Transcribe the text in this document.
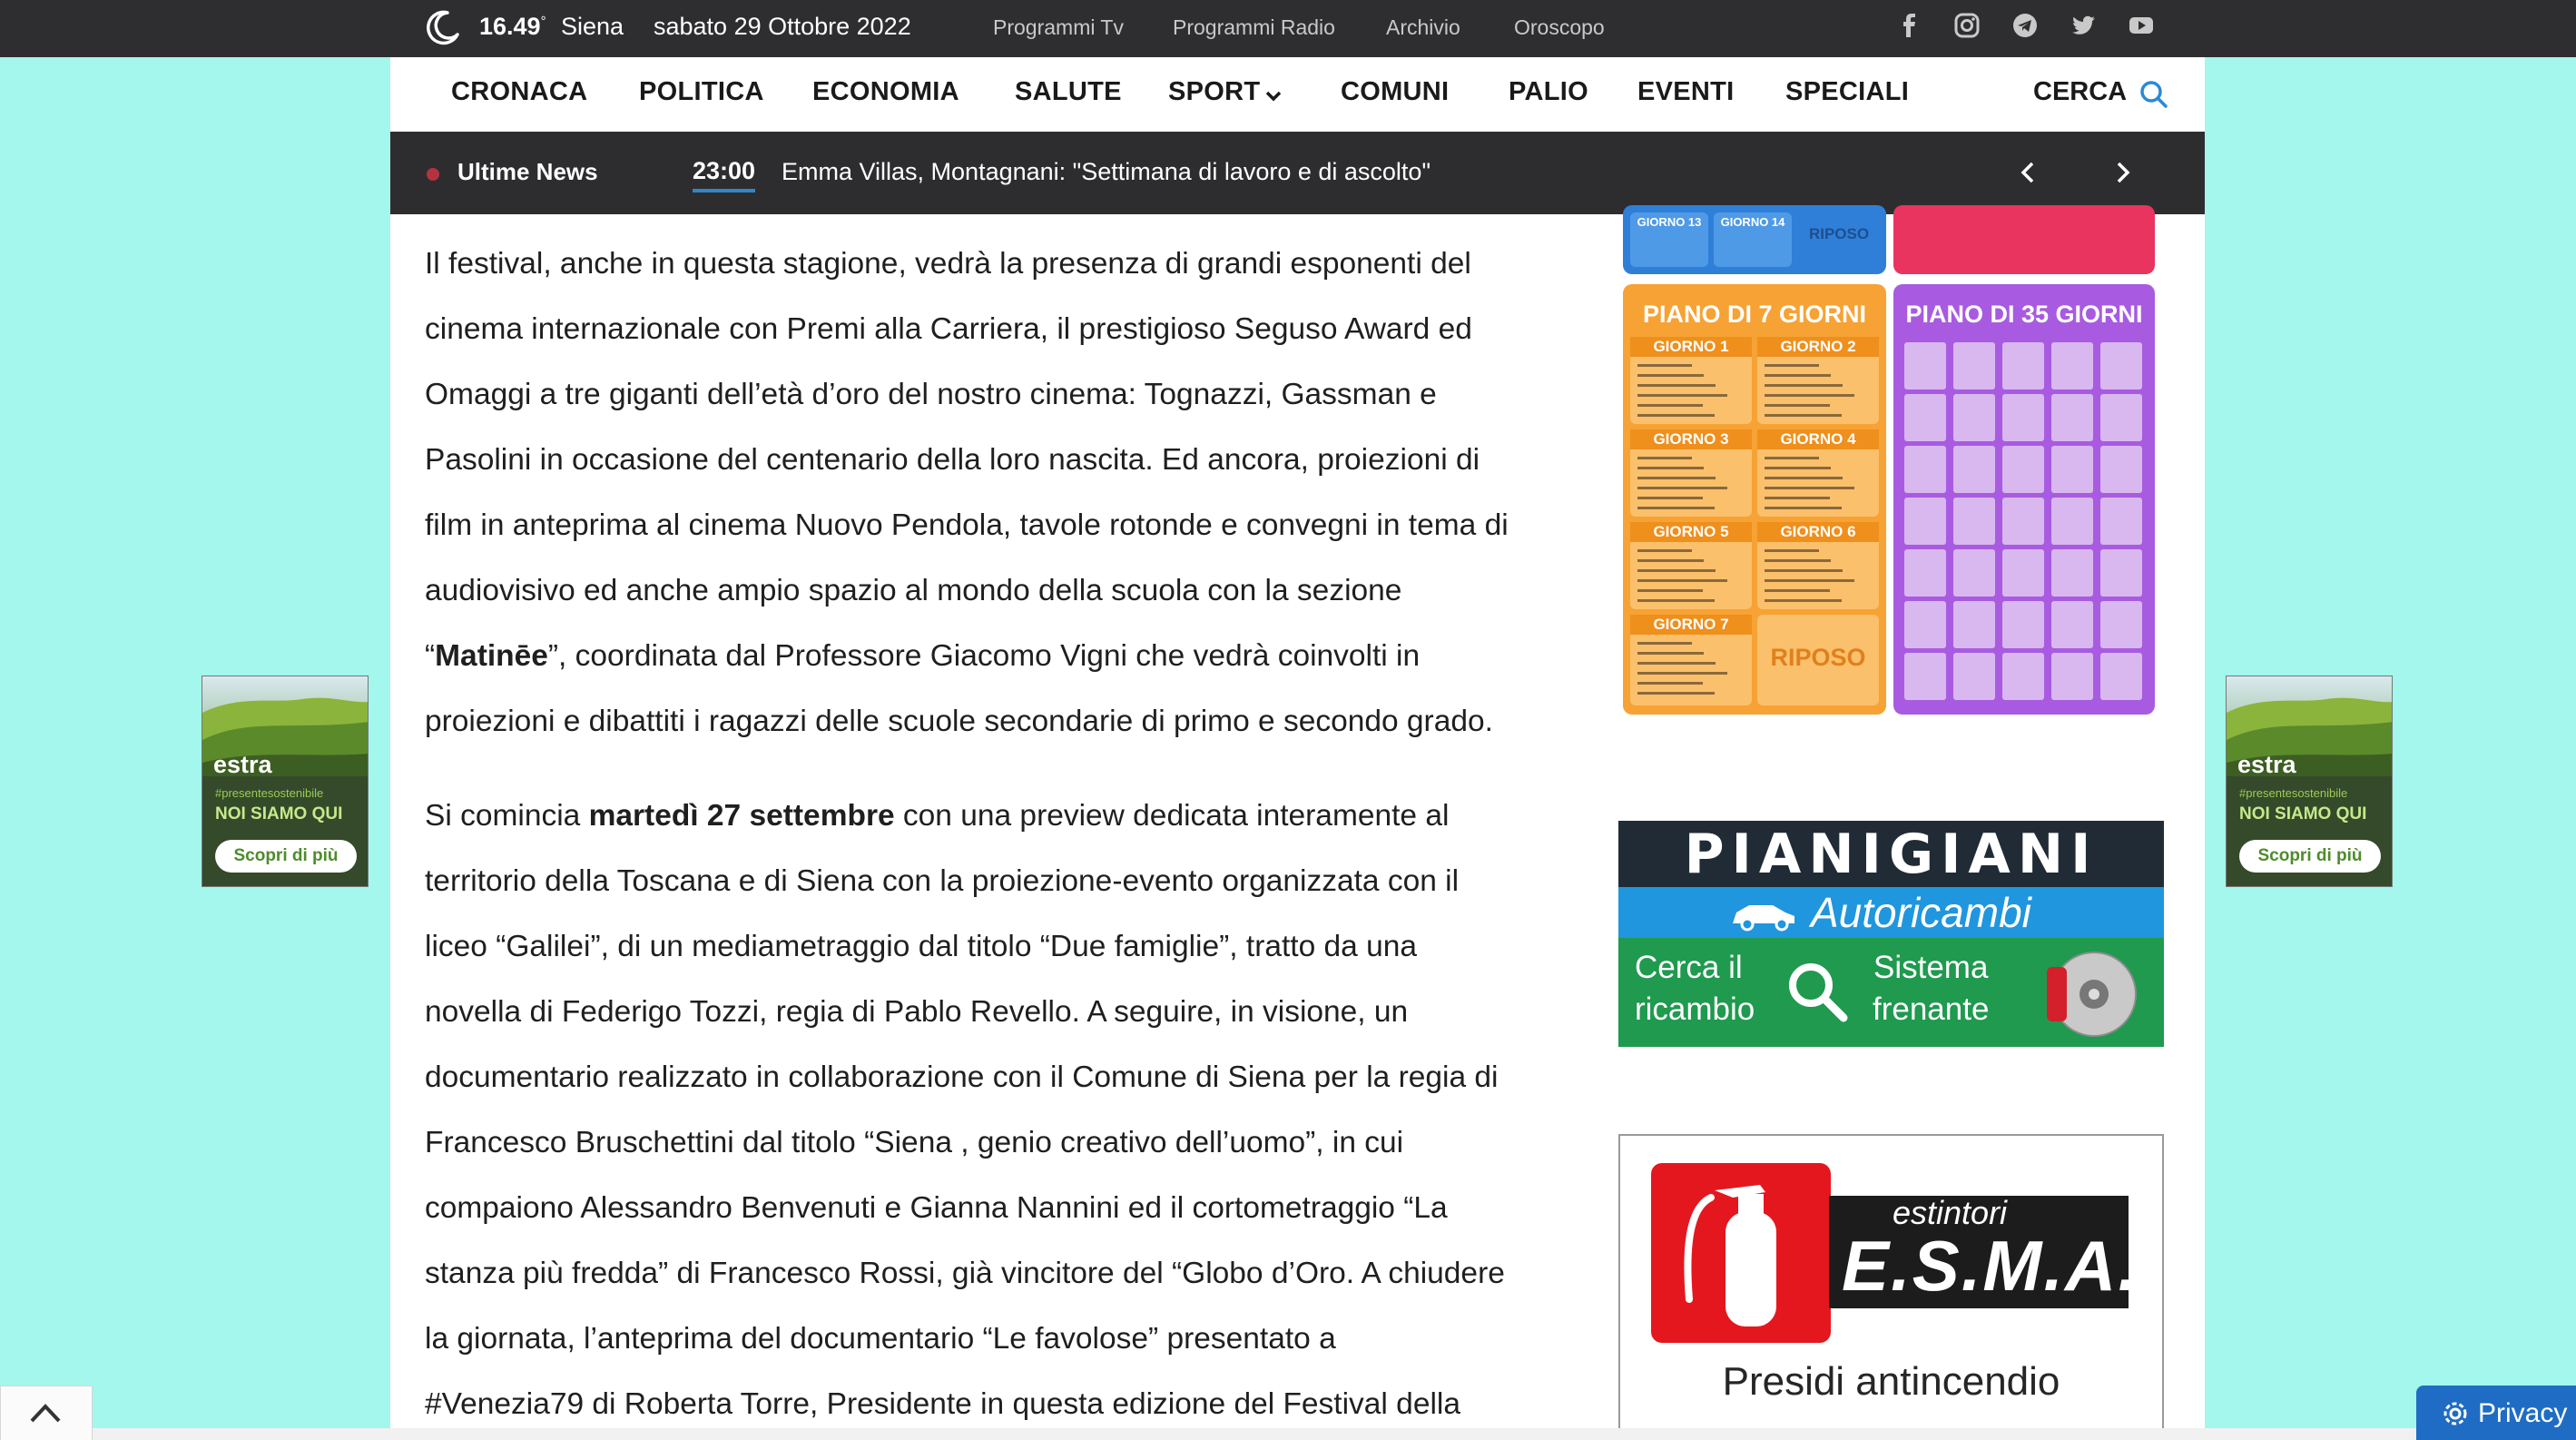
16.49° Siena sabato 29 Ottobre 2022	Programmi Tv Programmi Radio Archivio	Oroscopo
estra
#presentesostenibile
NOI SIAMO QUI
Scopri di più
estra
#presentesostenibile
NOI SIAMO QUI
Scopri di più
CRONACA POLITICA ECONOMIA SALUTE SPORT	COMUNI PALIO EVENTI SPECIALI	CERCA
Ultime News	23:00 Emma Villas, Montagnani: "Settimana di lavoro e di ascolto"

Il festival, anche in questa stagione, vedrà la presenza di grandi esponenti del
cinema internazionale con Premi alla Carriera, il prestigioso Seguso Award ed
Omaggi a tre giganti dell’età d’oro del nostro cinema: Tognazzi, Gassman e
Pasolini in occasione del centenario della loro nascita. Ed ancora, proiezioni di
film in anteprima al cinema Nuovo Pendola, tavole rotonde e convegni in tema di
audiovisivo ed anche ampio spazio al mondo della scuola con la sezione
“Matinēe”, coordinata dal Professore Giacomo Vigni che vedrà coinvolti in
proiezioni e dibattiti i ragazzi delle scuole secondarie di primo e secondo grado.

Si comincia martedì 27 settembre con una preview dedicata interamente al
territorio della Toscana e di Siena con la proiezione-evento organizzata con il
liceo “Galilei”, di un mediametraggio dal titolo “Due famiglie”, tratto da una
novella di Federigo Tozzi, regia di Pablo Revello. A seguire, in visione, un
documentario realizzato in collaborazione con il Comune di Siena per la regia di
Francesco Bruschettini dal titolo “Siena , genio creativo dell’uomo”, in cui
compaiono Alessandro Benvenuti e Gianna Nannini ed il cortometraggio “La
stanza più fredda” di Francesco Rossi, già vincitore del “Globo d’Oro. A chiudere
la giornata, l’anteprima del documentario “Le favolose” presentato a
#Venezia79 di Roberta Torre, Presidente in questa edizione del Festival della

GIORNO 13	GIORNO 14
RIPOSO
PIANO DI 7 GIORNI
GIORNO 1	GIORNO 2
GIORNO 3	GIORNO 4
GIORNO 5	GIORNO 6
GIORNO 7
RIPOSO
PIANO DI 35 GIORNI
PIANIGIANI
Autoricambi
Cerca il
ricambio
Sistema
frenante
estintori
E.S.M.A.
Presidi antincendio
Privacy
